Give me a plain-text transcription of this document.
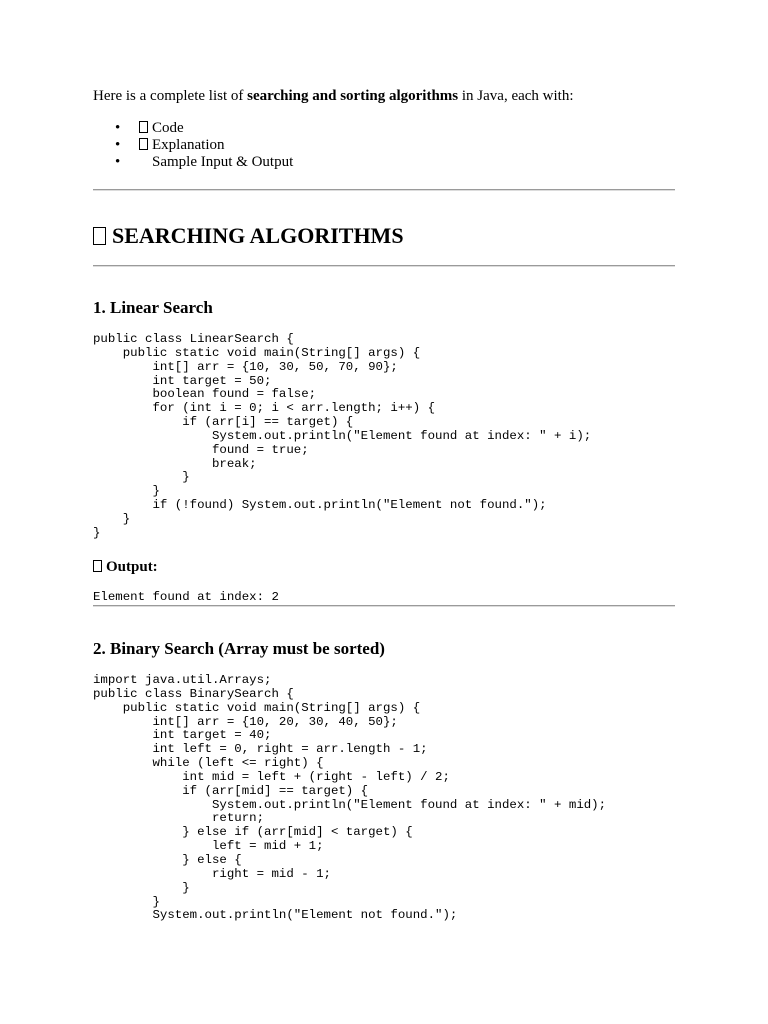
Here is a complete list of searching and sorting algorithms in Java, each with:
• Code
• Explanation
• Sample Input & Output
SEARCHING ALGORITHMS
1. Linear Search
public class LinearSearch {
public static void main(String[] args) {
int[] arr = {10, 30, 50, 70, 90};
int target = 50;
boolean found = false;
for (int i = 0; i < arr.length; i++) {
if (arr[i] == target) {
System.out.println("Element found at index: " + i);
found = true;
break;
}
}
if (!found) System.out.println("Element not found.");
}
}
Output:
Element found at index: 2
2. Binary Search (Array must be sorted)
import java.util.Arrays;
public class BinarySearch {
public static void main(String[] args) {
int[] arr = {10, 20, 30, 40, 50};
int target = 40;
int left = 0, right = arr.length - 1;
while (left <= right) {
int mid = left + (right - left) / 2;
if (arr[mid] == target) {
System.out.println("Element found at index: " + mid);
return;
} else if (arr[mid] < target) {
left = mid + 1;
} else {
right = mid - 1;
}
}
System.out.println("Element not found.");
